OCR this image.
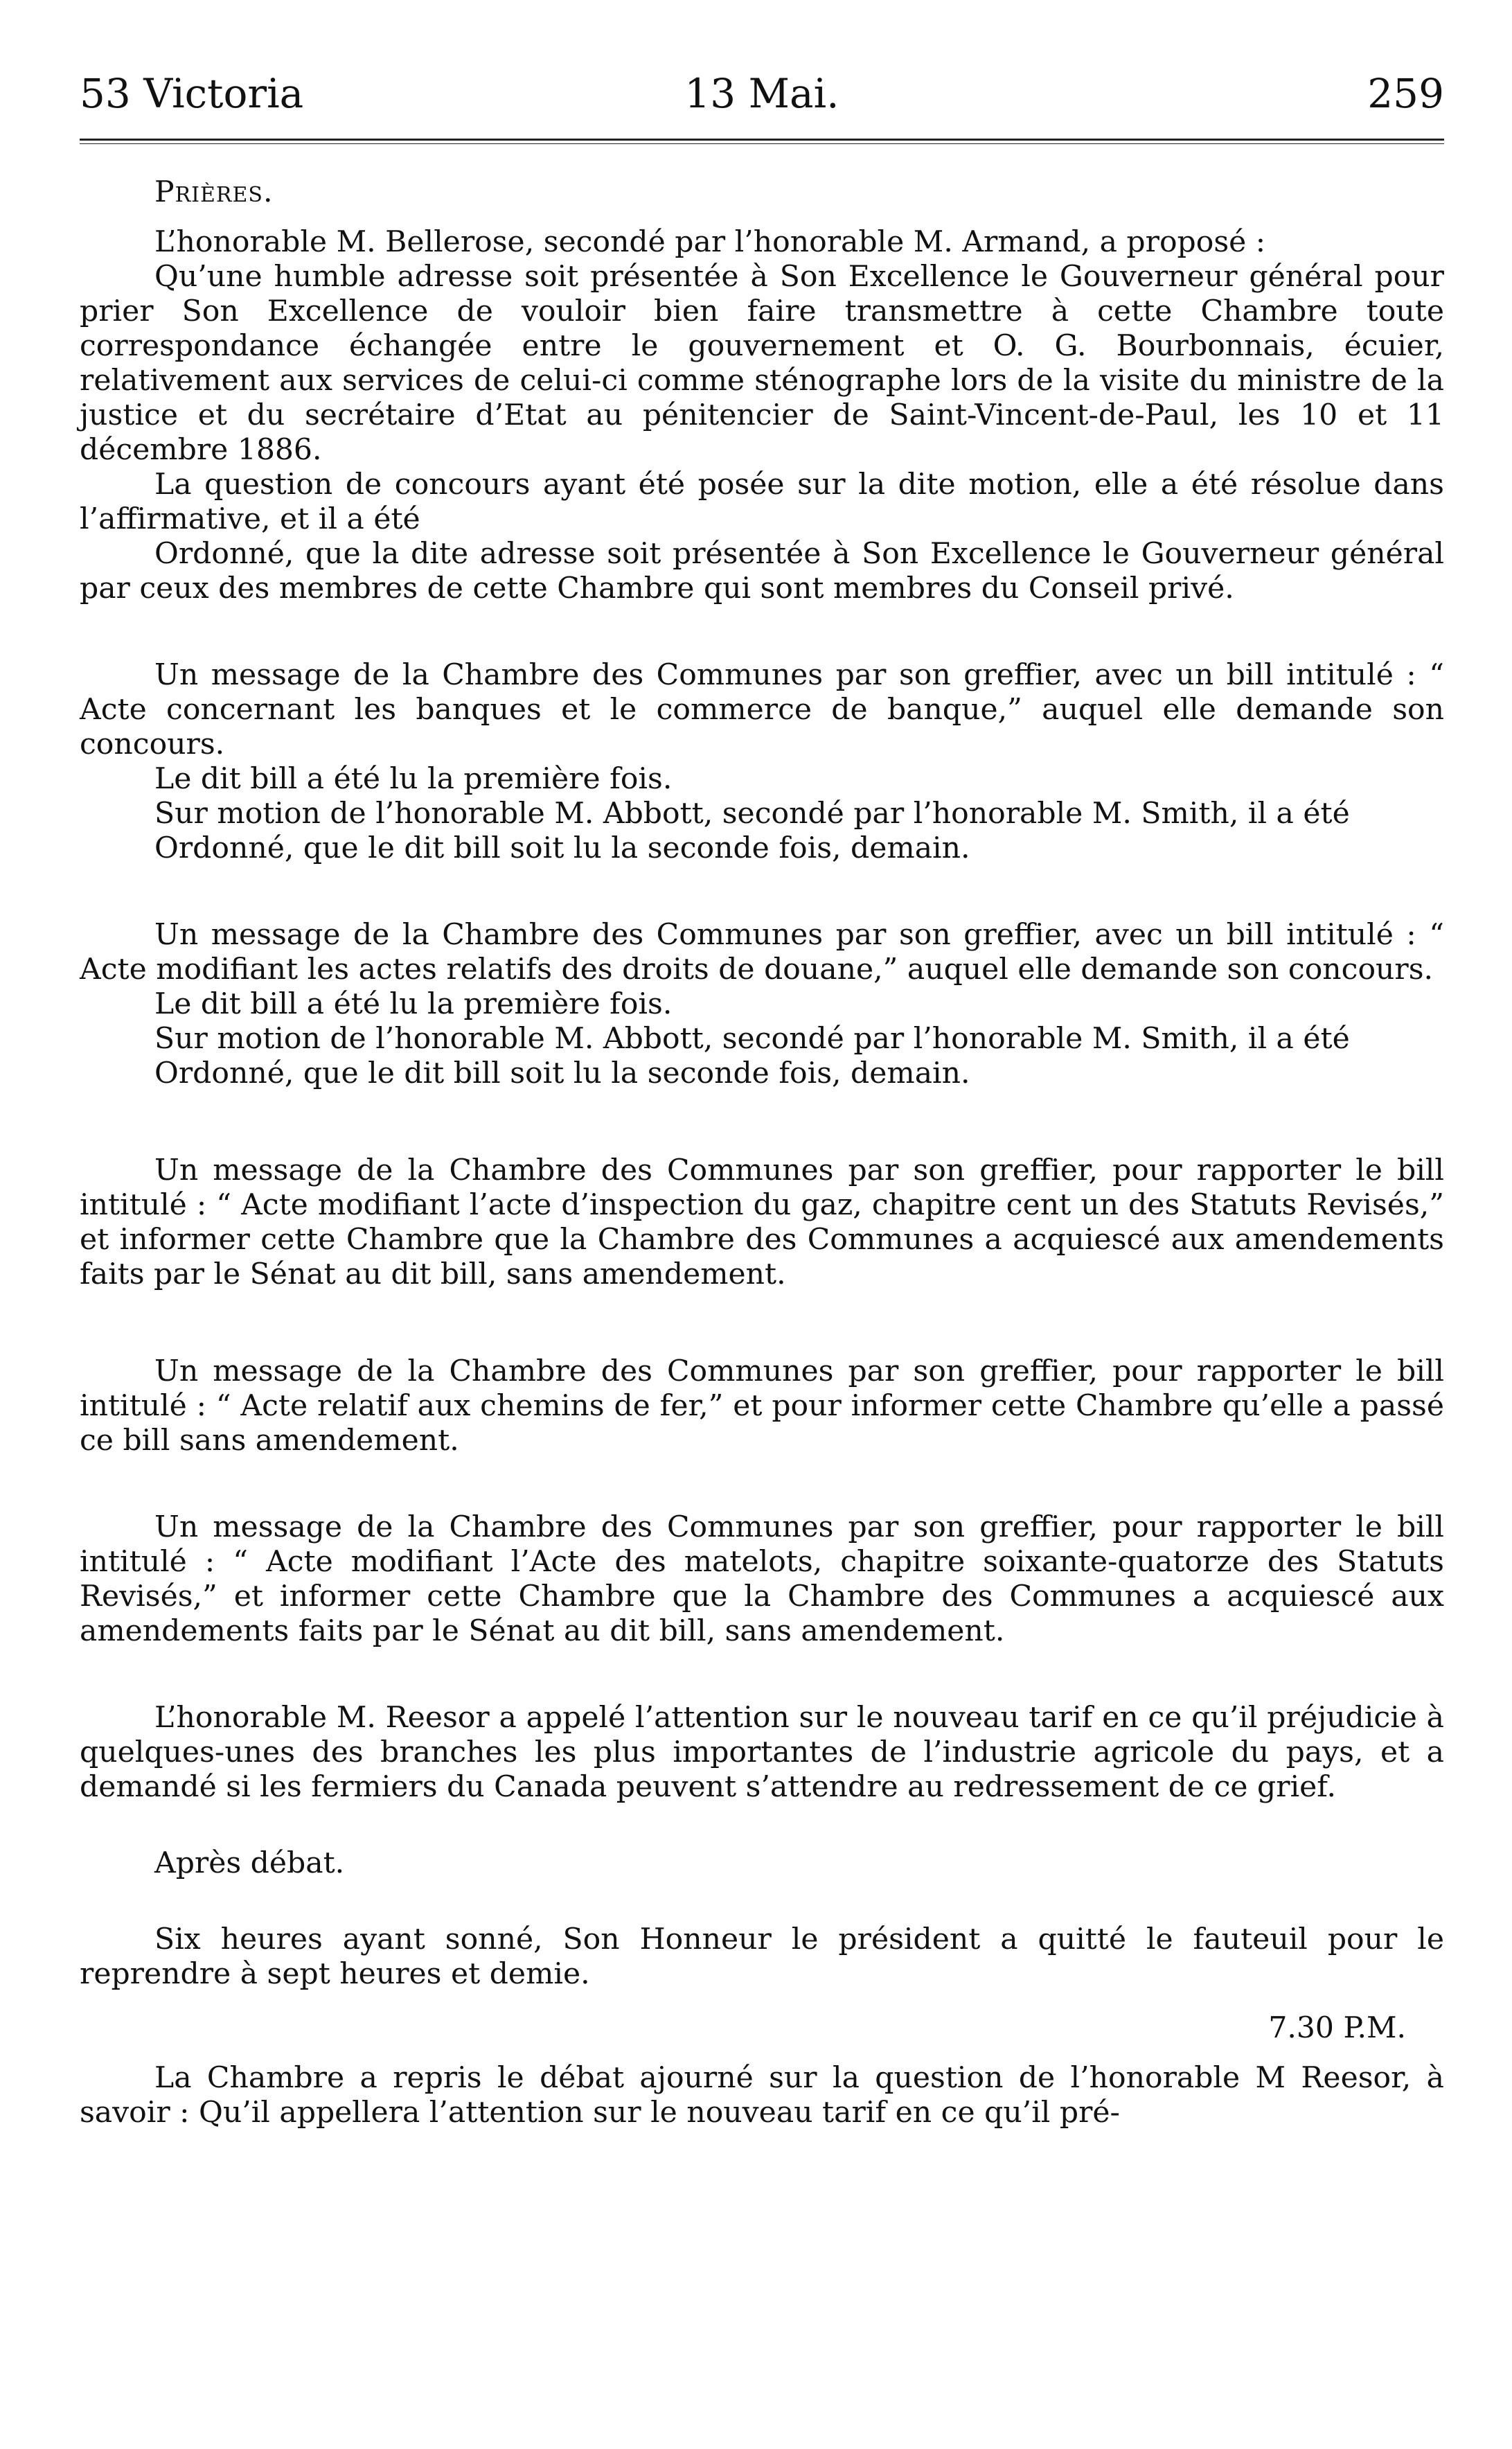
53 Victoria	13 Mai.	259

Prières.

L’honorable M. Bellerose, secondé par l’honorable M. Armand, a proposé :

Qu’une humble adresse soit présentée à Son Excellence le Gouverneur général pour prier Son Excellence de vouloir bien faire transmettre à cette Chambre toute correspondance échangée entre le gouvernement et O. G. Bourbonnais, écuier, relativement aux services de celui-ci comme sténographe lors de la visite du ministre de la justice et du secrétaire d’Etat au pénitencier de Saint-Vincent-de-Paul, les 10 et 11 décembre 1886.

La question de concours ayant été posée sur la dite motion, elle a été résolue dans l’affirmative, et il a été

Ordonné, que la dite adresse soit présentée à Son Excellence le Gouverneur général par ceux des membres de cette Chambre qui sont membres du Conseil privé.

Un message de la Chambre des Communes par son greffier, avec un bill intitulé : “ Acte concernant les banques et le commerce de banque,” auquel elle demande son concours.

Le dit bill a été lu la première fois.

Sur motion de l’honorable M. Abbott, secondé par l’honorable M. Smith, il a été

Ordonné, que le dit bill soit lu la seconde fois, demain.

Un message de la Chambre des Communes par son greffier, avec un bill intitulé : “ Acte modifiant les actes relatifs des droits de douane,” auquel elle demande son concours.

Le dit bill a été lu la première fois.

Sur motion de l’honorable M. Abbott, secondé par l’honorable M. Smith, il a été

Ordonné, que le dit bill soit lu la seconde fois, demain.

Un message de la Chambre des Communes par son greffier, pour rapporter le bill intitulé : “ Acte modifiant l’acte d’inspection du gaz, chapitre cent un des Statuts Revisés,” et informer cette Chambre que la Chambre des Communes a acquiescé aux amendements faits par le Sénat au dit bill, sans amendement.

Un message de la Chambre des Communes par son greffier, pour rapporter le bill intitulé : “ Acte relatif aux chemins de fer,” et pour informer cette Chambre qu’elle a passé ce bill sans amendement.

Un message de la Chambre des Communes par son greffier, pour rapporter le bill intitulé : “ Acte modifiant l’Acte des matelots, chapitre soixante-quatorze des Statuts Revisés,” et informer cette Chambre que la Chambre des Communes a acquiescé aux amendements faits par le Sénat au dit bill, sans amendement.

L’honorable M. Reesor a appelé l’attention sur le nouveau tarif en ce qu’il préjudicie à quelques-unes des branches les plus importantes de l’industrie agricole du pays, et a demandé si les fermiers du Canada peuvent s’attendre au redressement de ce grief.

Après débat.

Six heures ayant sonné, Son Honneur le président a quitté le fauteuil pour le reprendre à sept heures et demie.

7.30 P.M.

La Chambre a repris le débat ajourné sur la question de l’honorable M Reesor, à savoir : Qu’il appellera l’attention sur le nouveau tarif en ce qu’il pré-
